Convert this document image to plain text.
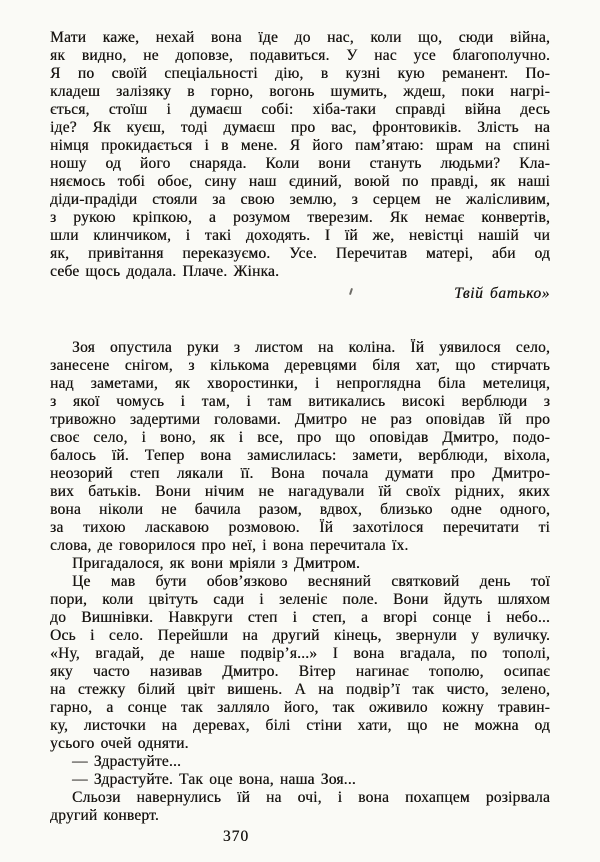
Мати каже, нехай вона їде до нас, коли що, сюди війна,
як видно, не доповзе, подавиться. У нас усе благополучно.
Я по своїй спеціальності дію, в кузні кую реманент. По-
кладеш залізяку в горно, вогонь шумить, ждеш, поки нагрі-
ється, стоїш і думаєш собі: хіба-таки справді війна десь
іде? Як куєш, тоді думаєш про вас, фронтовиків. Злість на
німця прокидається і в мене. Я його пам’ятаю: шрам на спині
ношу од його снаряда. Коли вони стануть людьми? Кла-
няємось тобі обоє, сину наш єдиний, воюй по правді, як наші
діди-прадіди стояли за свою землю, з серцем не жалісливим,
з рукою кріпкою, а розумом тверезим. Як немає конвертів,
шли клинчиком, і такі доходять. І їй же, невістці нашій чи
як, привітання переказуємо. Усе. Перечитав матері, аби од
себе щось додала. Плаче. Жінка.
Твій батько»
Зоя опустила руки з листом на коліна. Їй уявилося село,
занесене снігом, з кількома деревцями біля хат, що стирчать
над заметами, як хворостинки, і непроглядна біла метелиця,
з якої чомусь і там, і там витикались високі верблюди з
тривожно задертими головами. Дмитро не раз оповідав їй про
своє село, і воно, як і все, про що оповідав Дмитро, подо-
балось їй. Тепер вона замислилась: замети, верблюди, віхола,
неозорий степ лякали її. Вона почала думати про Дмитро-
вих батьків. Вони нічим не нагадували їй своїх рідних, яких
вона ніколи не бачила разом, вдвох, близько одне одного,
за тихою ласкавою розмовою. Їй захотілося перечитати ті
слова, де говорилося про неї, і вона перечитала їх.
Пригадалося, як вони мріяли з Дмитром.
Це мав бути обов’язково весняний святковий день тої
пори, коли цвітуть сади і зеленіє поле. Вони йдуть шляхом
до Вишнівки. Навкруги степ і степ, а вгорі сонце і небо...
Ось і село. Перейшли на другий кінець, звернули у вуличку.
«Ну, вгадай, де наше подвір’я...» І вона вгадала, по тополі,
яку часто називав Дмитро. Вітер нагинає тополю, осипає
на стежку білий цвіт вишень. А на подвір’ї так чисто, зелено,
гарно, а сонце так залляло його, так оживило кожну травин-
ку, листочки на деревах, білі стіни хати, що не можна од
усього очей одняти.
— Здрастуйте...
— Здрастуйте. Так оце вона, наша Зоя...
Сльози навернулись їй на очі, і вона похапцем розірвала
другий конверт.
370
